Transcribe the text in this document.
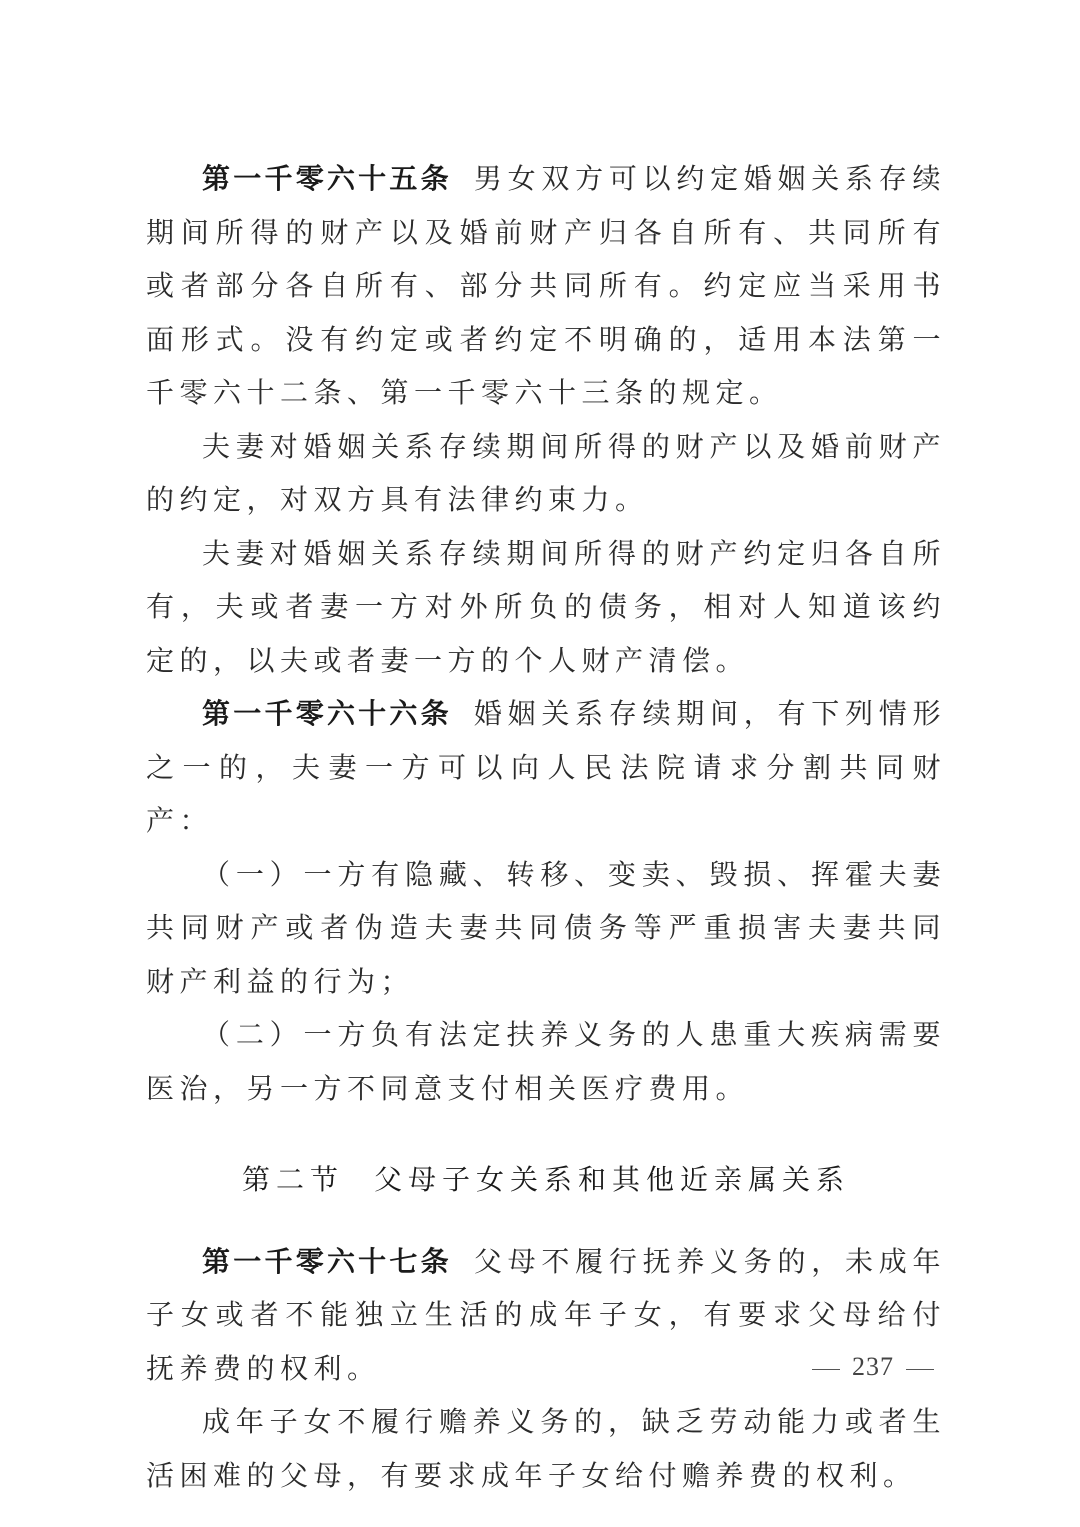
第一千零六十五条 男女双方可以约定婚姻关系存续期间所得的财产以及婚前财产归各自所有、共同所有或者部分各自所有、部分共同所有。约定应当采用书面形式。没有约定或者约定不明确的，适用本法第一千零六十二条、第一千零六十三条的规定。

夫妻对婚姻关系存续期间所得的财产以及婚前财产的约定，对双方具有法律约束力。

夫妻对婚姻关系存续期间所得的财产约定归各自所有，夫或者妻一方对外所负的债务，相对人知道该约定的，以夫或者妻一方的个人财产清偿。

第一千零六十六条 婚姻关系存续期间，有下列情形之一的，夫妻一方可以向人民法院请求分割共同财产：

（一）一方有隐藏、转移、变卖、毁损、挥霍夫妻共同财产或者伪造夫妻共同债务等严重损害夫妻共同财产利益的行为；

（二）一方负有法定扶养义务的人患重大疾病需要医治，另一方不同意支付相关医疗费用。

第二节 父母子女关系和其他近亲属关系

第一千零六十七条 父母不履行抚养义务的，未成年子女或者不能独立生活的成年子女，有要求父母给付抚养费的权利。

成年子女不履行赡养义务的，缺乏劳动能力或者生活困难的父母，有要求成年子女给付赡养费的权利。

237
